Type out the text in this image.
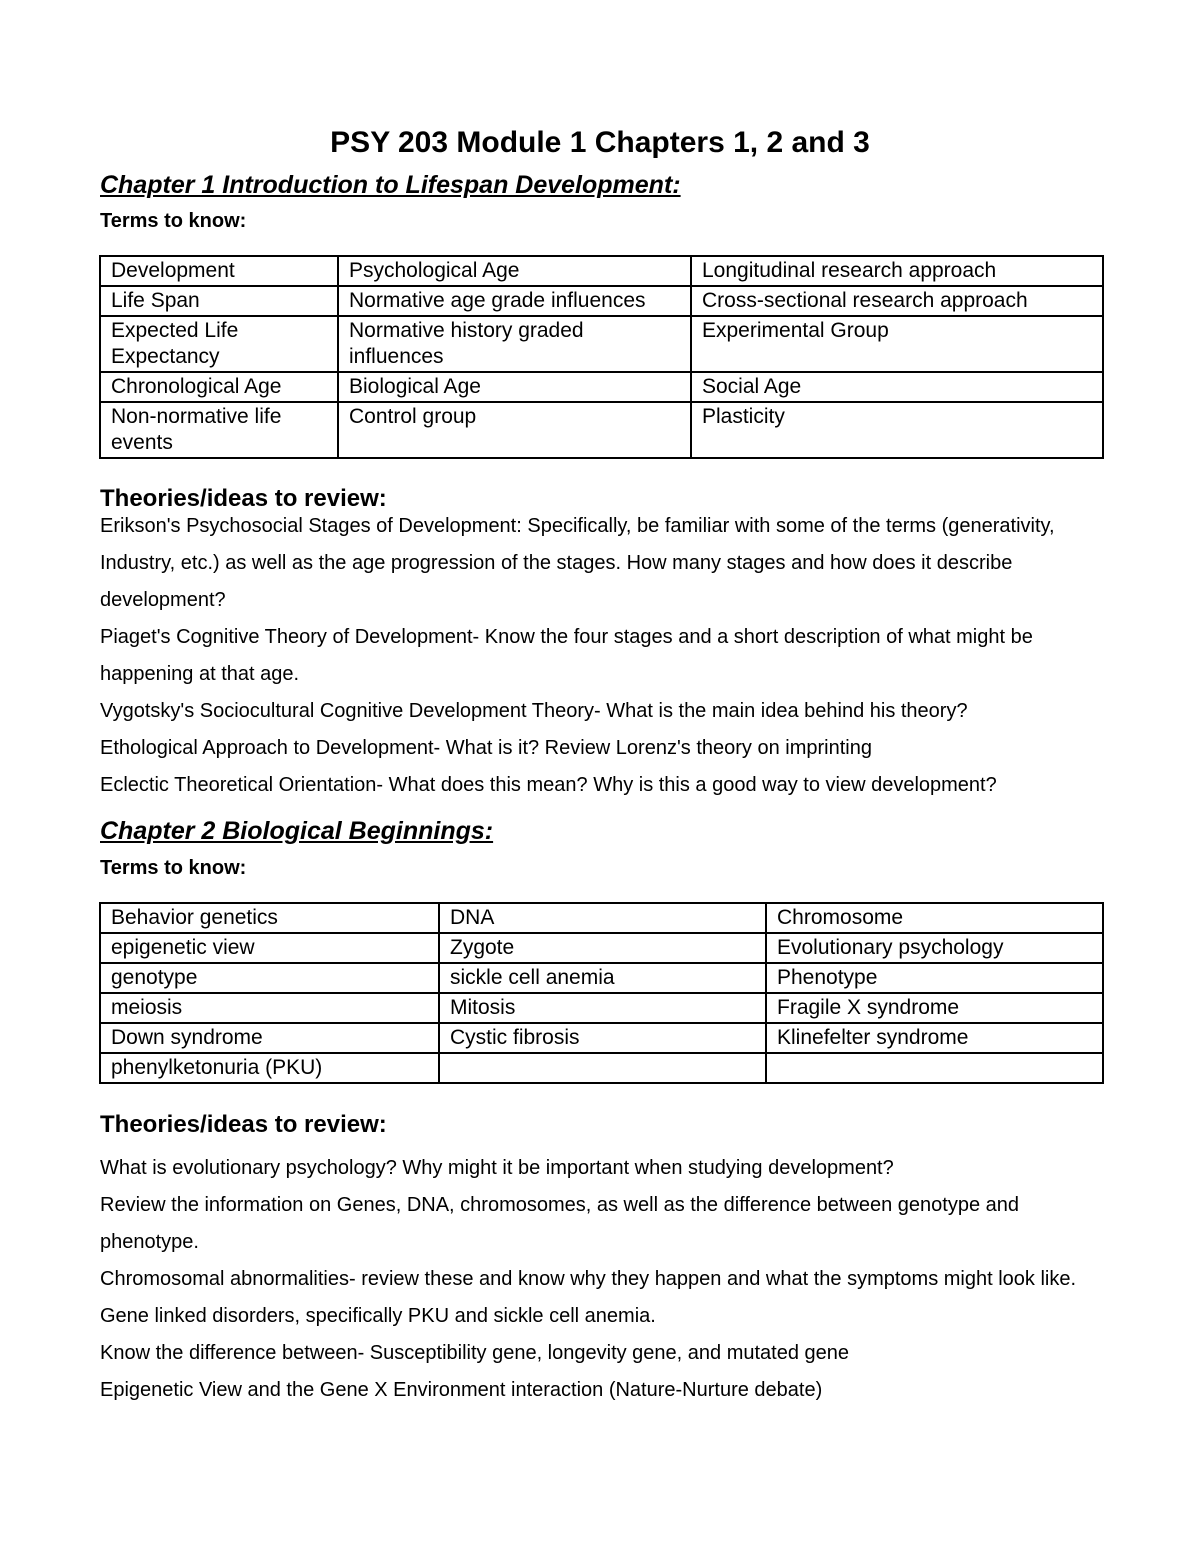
PSY 203 Module 1 Chapters 1, 2 and 3
Chapter 1 Introduction to Lifespan Development:
Terms to know:
Development	Psychological Age	Longitudinal research approach
Life Span	Normative age grade influences	Cross-sectional research approach
Expected Life Expectancy	Normative history graded influences	Experimental Group
Chronological Age	Biological Age	Social Age
Non-normative life events	Control group	Plasticity
Theories/ideas to review:
Erikson's Psychosocial Stages of Development: Specifically, be familiar with some of the terms (generativity, Industry, etc.) as well as the age progression of the stages. How many stages and how does it describe development?
Piaget's Cognitive Theory of Development- Know the four stages and a short description of what might be happening at that age.
Vygotsky's Sociocultural Cognitive Development Theory- What is the main idea behind his theory?
Ethological Approach to Development- What is it? Review Lorenz's theory on imprinting
Eclectic Theoretical Orientation- What does this mean? Why is this a good way to view development?
Chapter 2 Biological Beginnings:
Terms to know:
Behavior genetics	DNA	Chromosome
epigenetic view	Zygote	Evolutionary psychology
genotype	sickle cell anemia	Phenotype
meiosis	Mitosis	Fragile X syndrome
Down syndrome	Cystic fibrosis	Klinefelter syndrome
phenylketonuria (PKU)		
Theories/ideas to review:
What is evolutionary psychology? Why might it be important when studying development?
Review the information on Genes, DNA, chromosomes, as well as the difference between genotype and phenotype.
Chromosomal abnormalities- review these and know why they happen and what the symptoms might look like.
Gene linked disorders, specifically PKU and sickle cell anemia.
Know the difference between- Susceptibility gene, longevity gene, and mutated gene
Epigenetic View and the Gene X Environment interaction (Nature-Nurture debate)
